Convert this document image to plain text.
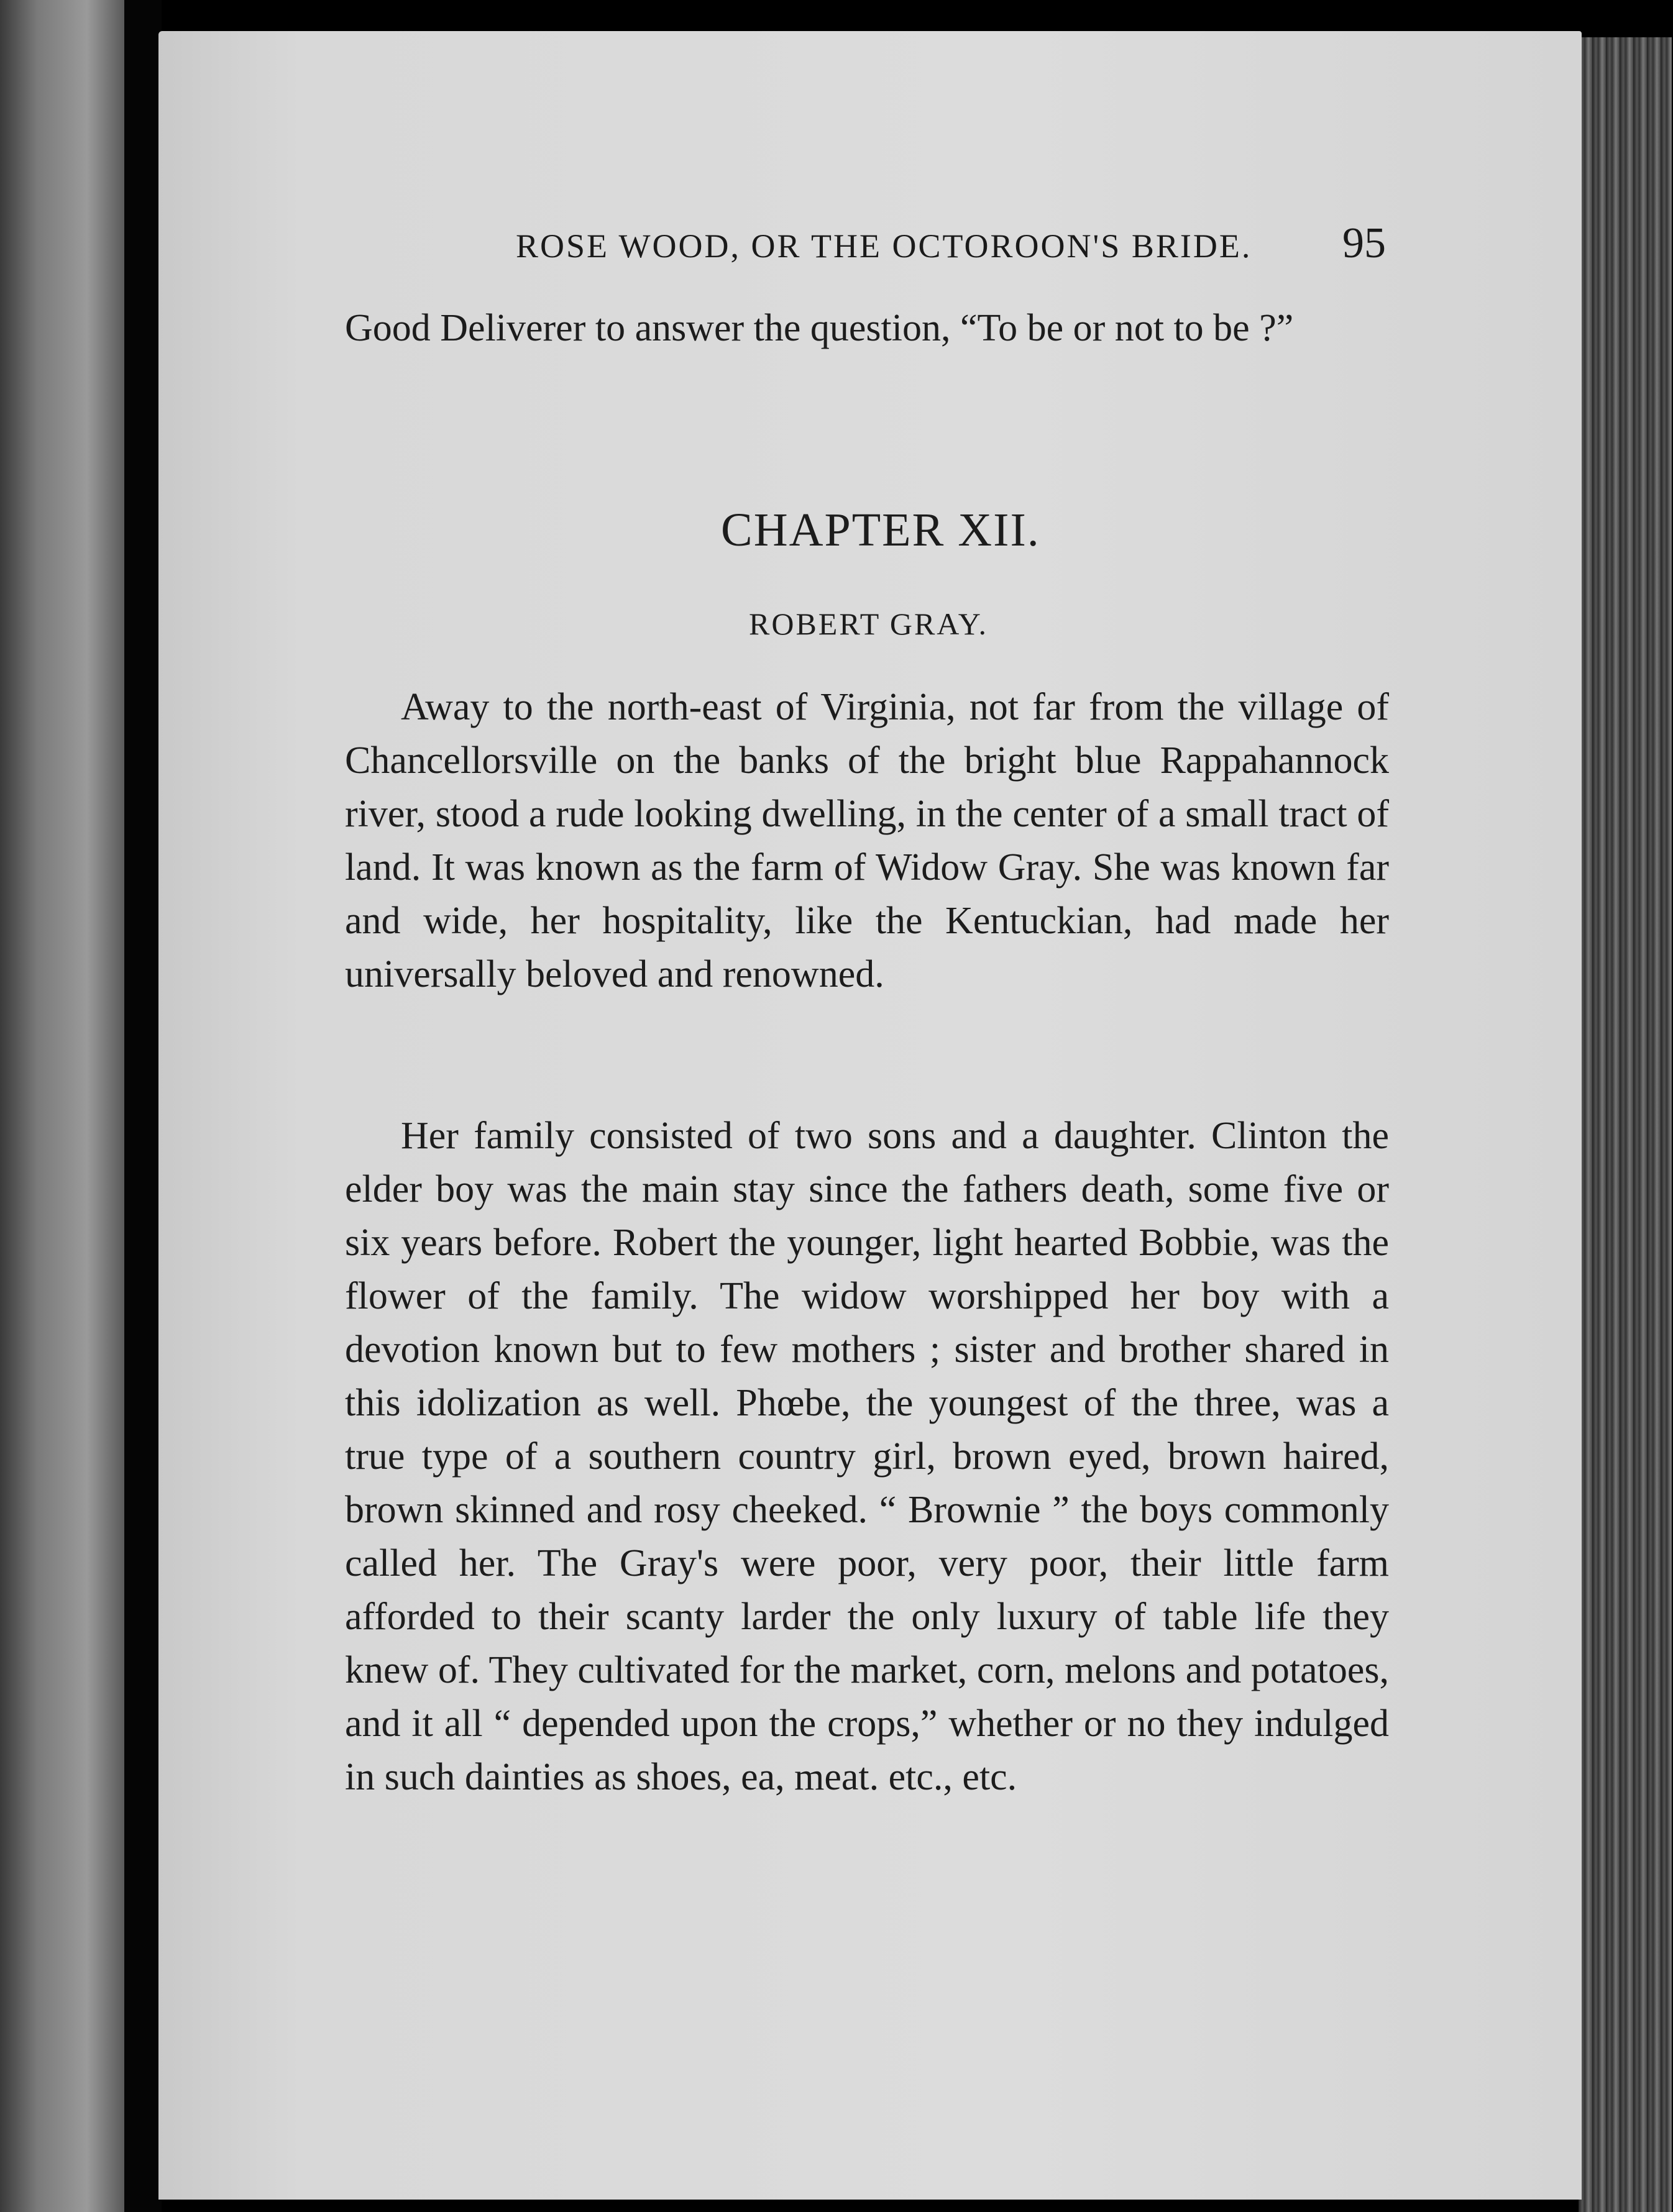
ROSE WOOD, OR THE OCTOROON'S BRIDE.	95
Good Deliverer to answer the question, “To be or not to be ?”
CHAPTER XII.
ROBERT GRAY.
Away to the north-east of Virginia, not far from the village of Chancellorsville on the banks of the bright blue Rappahannock river, stood a rude looking dwelling, in the center of a small tract of land. It was known as the farm of Widow Gray. She was known far and wide, her hospitality, like the Kentuckian, had made her universally beloved and renowned.
Her family consisted of two sons and a daughter. Clinton the elder boy was the main stay since the fathers death, some five or six years before. Robert the younger, light hearted Bobbie, was the flower of the family. The widow worshipped her boy with a devotion known but to few mothers ; sister and brother shared in this idolization as well. Phœbe, the youngest of the three, was a true type of a southern country girl, brown eyed, brown haired, brown skinned and rosy cheeked. “ Brownie ” the boys commonly called her. The Gray's were poor, very poor, their little farm afforded to their scanty larder the only luxury of table life they knew of. They cultivated for the market, corn, melons and potatoes, and it all “ depended upon the crops,” whether or no they indulged in such dainties as shoes, ea, meat. etc., etc.
